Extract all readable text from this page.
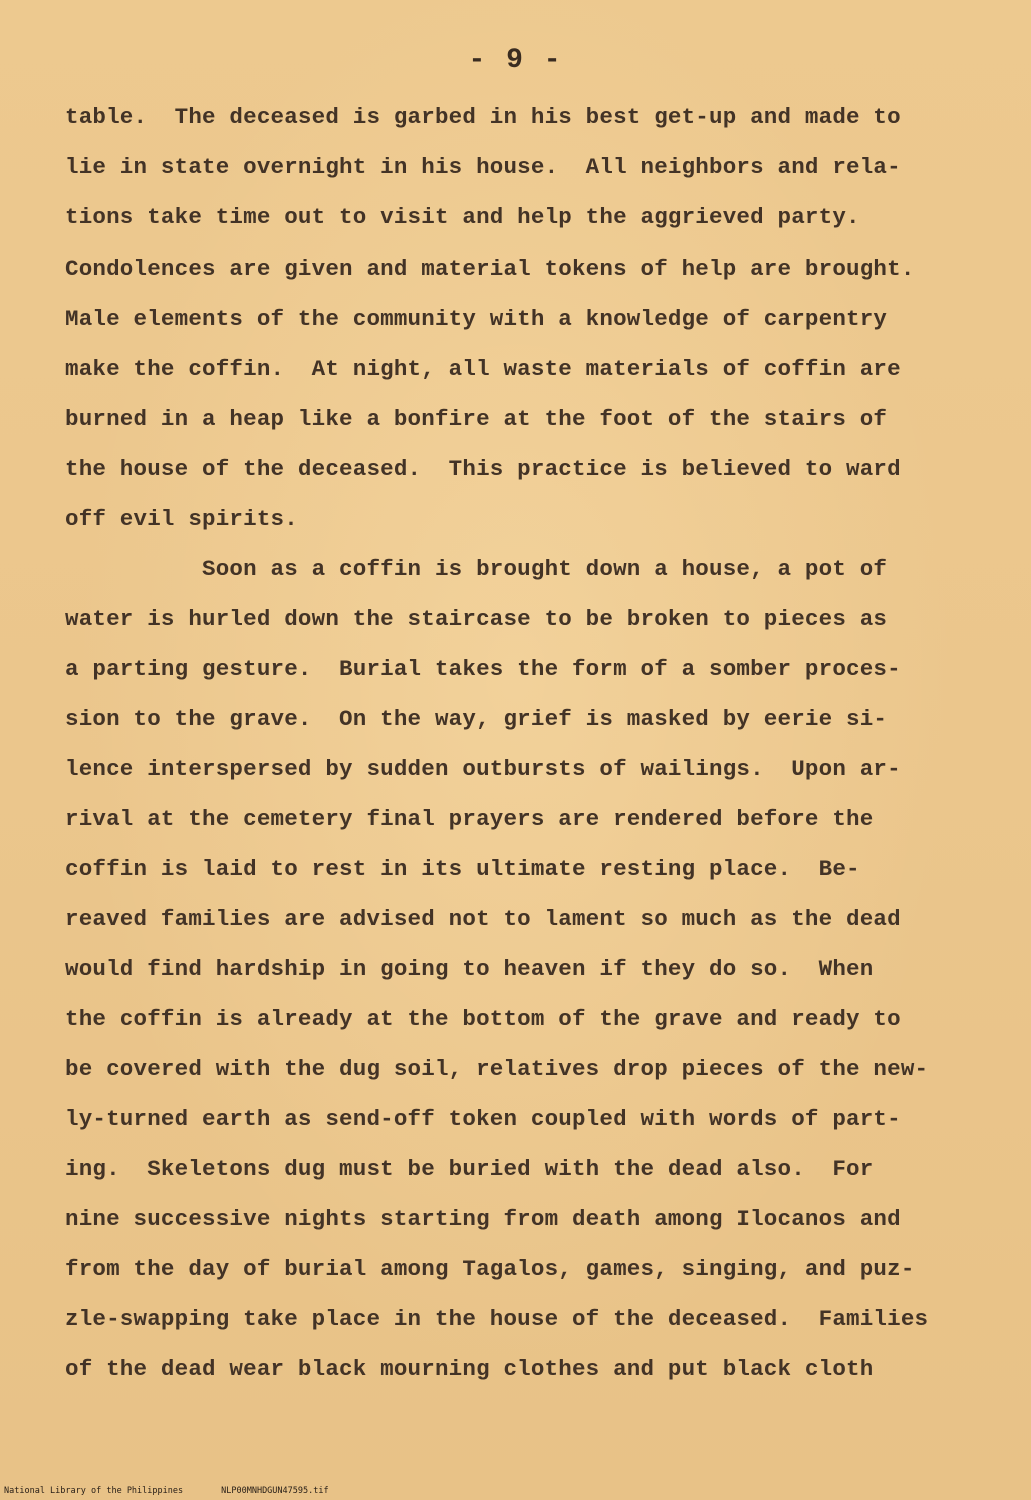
- 9 -
table.  The deceased is garbed in his best get-up and made to
lie in state overnight in his house.  All neighbors and rela-
tions take time out to visit and help the aggrieved party.
Condolences are given and material tokens of help are brought.
Male elements of the community with a knowledge of carpentry
make the coffin.  At night, all waste materials of coffin are
burned in a heap like a bonfire at the foot of the stairs of
the house of the deceased.  This practice is believed to ward
off evil spirits.
Soon as a coffin is brought down a house, a pot of
water is hurled down the staircase to be broken to pieces as
a parting gesture.  Burial takes the form of a somber proces-
sion to the grave.  On the way, grief is masked by eerie si-
lence interspersed by sudden outbursts of wailings.  Upon ar-
rival at the cemetery final prayers are rendered before the
coffin is laid to rest in its ultimate resting place.  Be-
reaved families are advised not to lament so much as the dead
would find hardship in going to heaven if they do so.  When
the coffin is already at the bottom of the grave and ready to
be covered with the dug soil, relatives drop pieces of the new-
ly-turned earth as send-off token coupled with words of part-
ing.  Skeletons dug must be buried with the dead also.  For
nine successive nights starting from death among Ilocanos and
from the day of burial among Tagalos, games, singing, and puz-
zle-swapping take place in the house of the deceased.  Families
of the dead wear black mourning clothes and put black cloth
National Library of the Philippines	NLP00MNHDGUN47595.tif
